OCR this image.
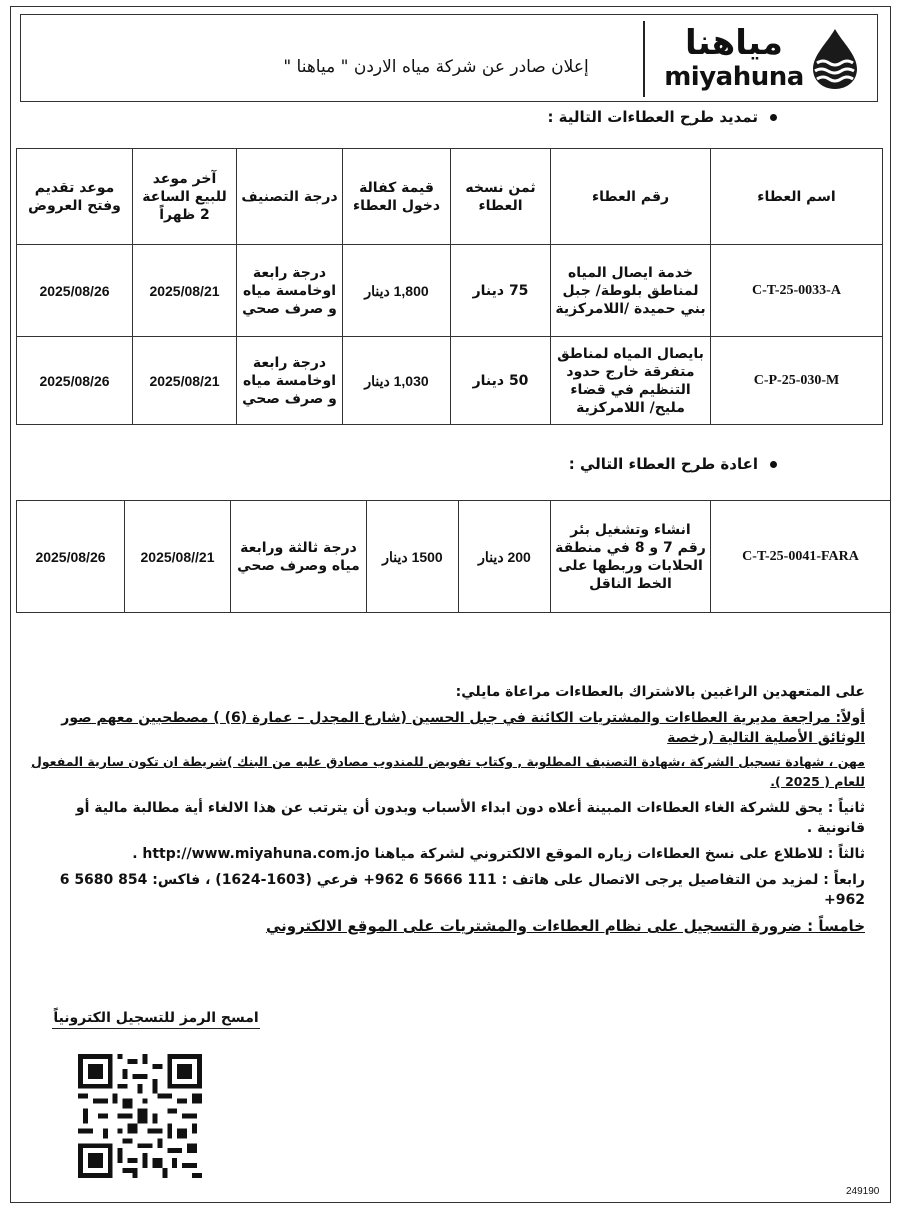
مياهنا
miyahuna
إعلان صادر عن شركة مياه الاردن " مياهنا "
تمديد طرح العطاءات التالية :
اسم العطاء	رقم العطاء	ثمن نسخه العطاء	قيمة كفالة دخول العطاء	درجة التصنيف	آخر موعد للبيع الساعة 2 ظهراً	موعد تقديم وفتح العروض
C-T-25-0033-A	خدمة ايصال المياه لمناطق بلوطة/ جبل بني حميدة /اللامركزية	75 دينار	1,800 دينار	درجة رابعة اوخامسة مياه و صرف صحي	2025/08/21	2025/08/26
C-P-25-030-M	بايصال المياه لمناطق متفرقة خارج حدود التنظيم في قضاء مليح/ اللامركزية	50 دينار	1,030 دينار	درجة رابعة اوخامسة مياه و صرف صحي	2025/08/21	2025/08/26
اعادة طرح العطاء التالي :
C-T-25-0041-FARA	انشاء وتشغيل بئر رقم 7 و 8 في منطقة الحلابات وربطها على الخط الناقل	200 دينار	1500 دينار	درجة ثالثة ورابعة مياه وصرف صحي	2025/08//21	2025/08/26

على المتعهدين الراغبين بالاشتراك بالعطاءات مراعاة مايلي:

أولاً: مراجعة مديرية العطاءات والمشتريات الكائنة في جبل الحسين (شارع المجدل – عمارة (6) ) مصطحبين معهم صور الوثائق الأصلية التالية (رخصة

مهن ، شهادة تسجيل الشركة ،شهادة التصنيف المطلوبة , وكتاب تفويض للمندوب مصادق عليه من البنك )شريطة ان تكون سارية المفعول للعام ( 2025 ).

ثانياً : يحق للشركة الغاء العطاءات المبينة أعلاه دون ابداء الأسباب وبدون أن يترتب عن هذا الالغاء أية مطالبة مالية أو قانونية .

ثالثاً : للاطلاع على نسخ العطاءات زياره الموقع الالكتروني لشركة مياهنا http://www.miyahuna.com.jo .

رابعاً : لمزيد من التفاصيل يرجى الاتصال على هاتف : 111 5666 6 962+ فرعي (1603-1624) ، فاكس: 854 5680 6 962+

خامساً : ضرورة التسجيل على نظام العطاءات والمشتريات على الموقع الالكتروني

امسح الرمز للتسجيل الكترونياً
249190
